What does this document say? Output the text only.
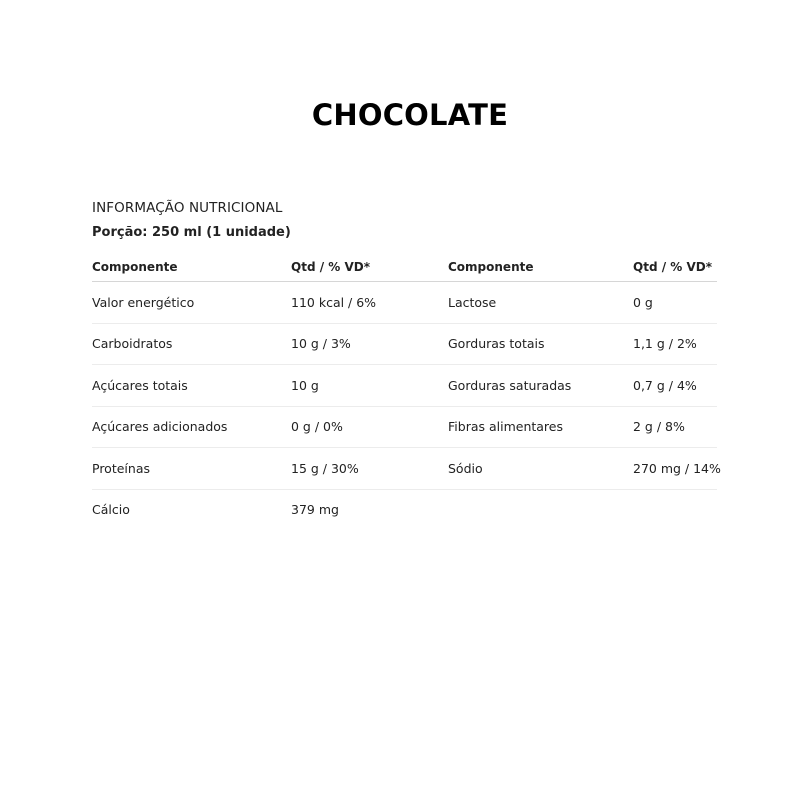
CHOCOLATE
INFORMAÇÃO NUTRICIONAL
Porção: 250 ml (1 unidade)
Componente	Qtd / % VD*	Componente	Qtd / % VD*
Valor energético	110 kcal / 6%	Lactose	0 g
Carboidratos	10 g / 3%	Gorduras totais	1,1 g / 2%
Açúcares totais	10 g	Gorduras saturadas	0,7 g / 4%
Açúcares adicionados	0 g / 0%	Fibras alimentares	2 g / 8%
Proteínas	15 g / 30%	Sódio	270 mg / 14%
Cálcio	379 mg
